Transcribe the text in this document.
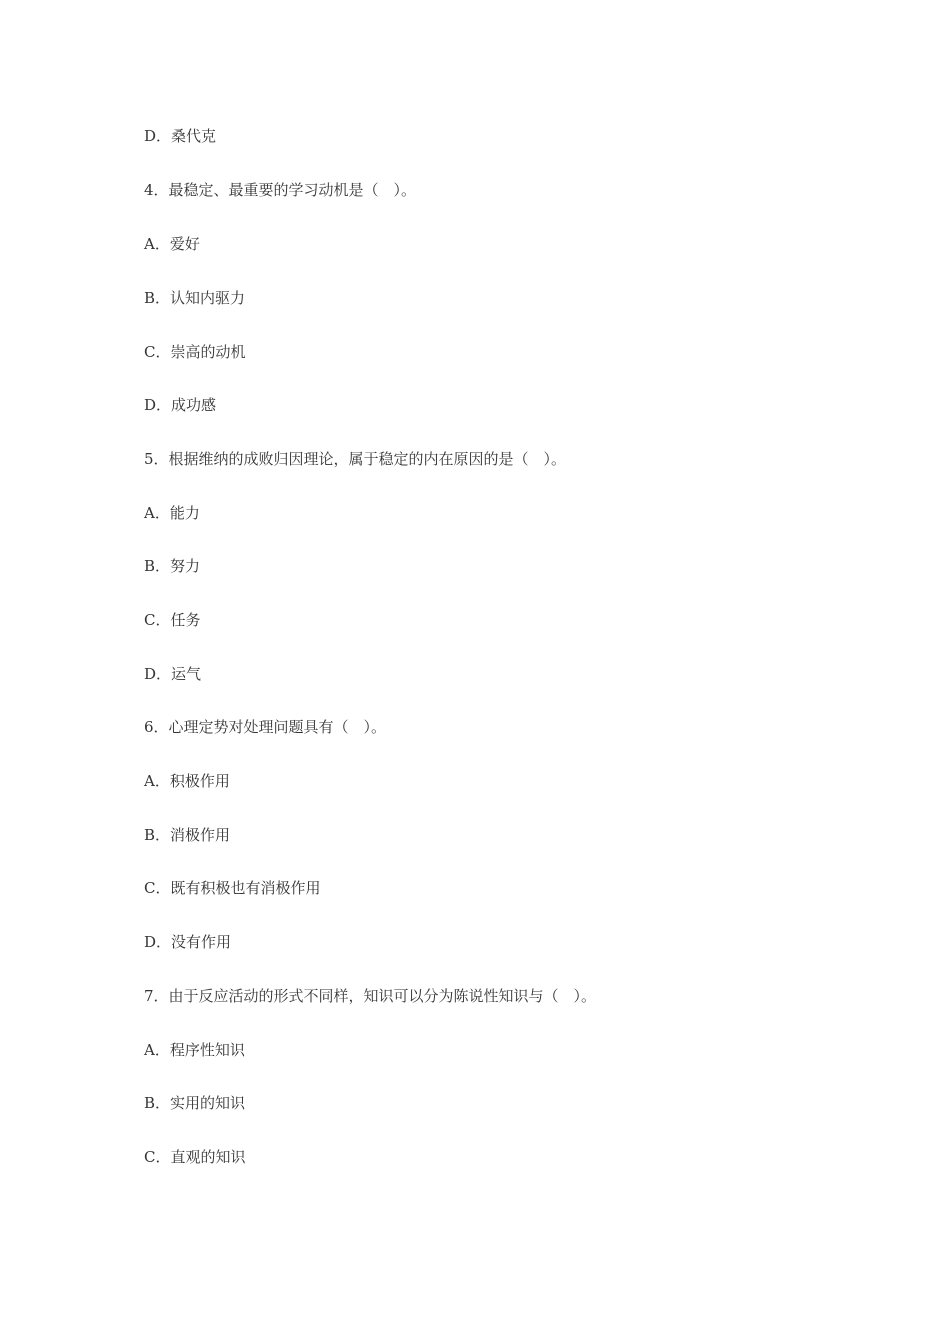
D．桑代克
4．最稳定、最重要的学习动机是（　）。
A．爱好
B．认知内驱力
C．崇高的动机
D．成功感
5．根据维纳的成败归因理论，属于稳定的内在原因的是（　）。
A．能力
B．努力
C．任务
D．运气
6．心理定势对处理问题具有（　）。
A．积极作用
B．消极作用
C．既有积极也有消极作用
D．没有作用
7．由于反应活动的形式不同样，知识可以分为陈说性知识与（　）。
A．程序性知识
B．实用的知识
C．直观的知识
